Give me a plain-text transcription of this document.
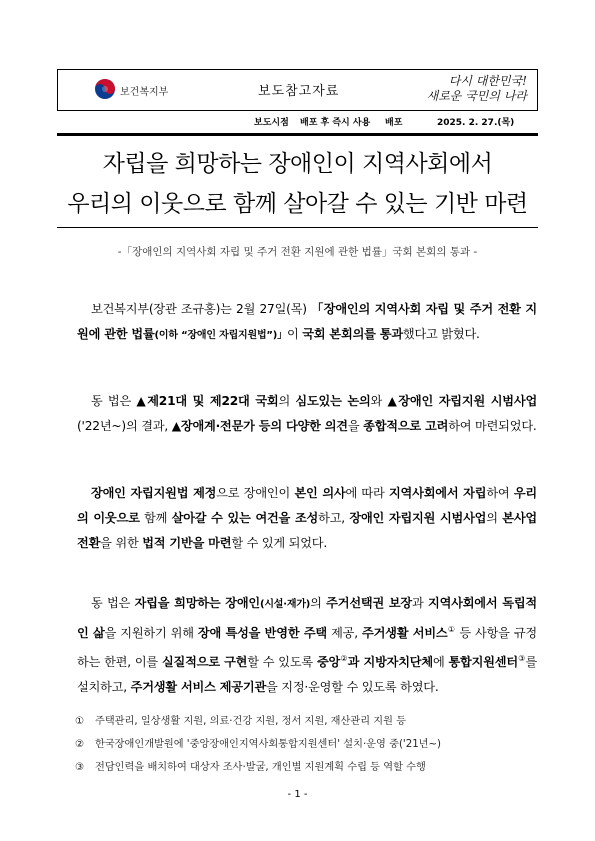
보건복지부	보도참고자료
다시 대한민국!
새로운 국민의 나라
보도시점 배포 후 즉시 사용 배포	2025. 2. 27.(목)
자립을 희망하는 장애인이 지역사회에서
우리의 이웃으로 함께 살아갈 수 있는 기반 마련
-「장애인의 지역사회 자립 및 주거 전환 지원에 관한 법률」국회 본회의 통과 -
보건복지부(장관 조규홍)는 2월 27일(목) 「장애인의 지역사회 자립 및 주거 전환 지원에 관한 법률(이하 “장애인 자립지원법”)」이 국회 본회의를 통과했다고 밝혔다.
동 법은 ▲제21대 및 제22대 국회의 심도있는 논의와 ▲장애인 자립지원 시범사업('22년~)의 결과, ▲장애계·전문가 등의 다양한 의견을 종합적으로 고려하여 마련되었다.
장애인 자립지원법 제정으로 장애인이 본인 의사에 따라 지역사회에서 자립하여 우리의 이웃으로 함께 살아갈 수 있는 여건을 조성하고, 장애인 자립지원 시범사업의 본사업 전환을 위한 법적 기반을 마련할 수 있게 되었다.
동 법은 자립을 희망하는 장애인(시설·재가)의 주거선택권 보장과 지역사회에서 독립적인 삶을 지원하기 위해 장애 특성을 반영한 주택 제공, 주거생활 서비스① 등 사항을 규정하는 한편, 이를 실질적으로 구현할 수 있도록 중앙②과 지방자치단체에 통합지원센터③를 설치하고, 주거생활 서비스 제공기관을 지정·운영할 수 있도록 하였다.
① 주택관리, 일상생활 지원, 의료·건강 지원, 정서 지원, 재산관리 지원 등
② 한국장애인개발원에 '중앙장애인지역사회통합지원센터' 설치·운영 중('21년~)
③ 전담인력을 배치하여 대상자 조사·발굴, 개인별 지원계획 수립 등 역할 수행
- 1 -
